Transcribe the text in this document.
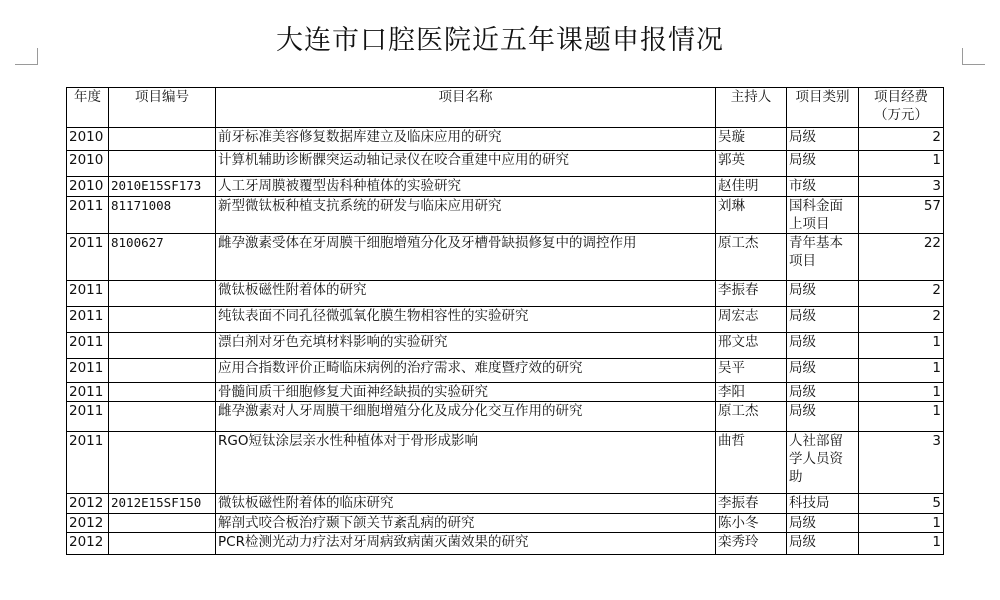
大连市口腔医院近五年课题申报情况
年度	项目编号	项目名称	主持人	项目类别	项目经费（万元）
2010		前牙标准美容修复数据库建立及临床应用的研究	吴璇	局级	2
2010		计算机辅助诊断髁突运动轴记录仪在咬合重建中应用的研究	郭英	局级	1
2010	2010E15SF173	人工牙周膜被覆型齿科种植体的实验研究	赵佳明	市级	3
2011	81171008	新型微钛板种植支抗系统的研发与临床应用研究	刘琳	国科金面上项目	57
2011	8100627	雌孕激素受体在牙周膜干细胞增殖分化及牙槽骨缺损修复中的调控作用	原工杰	青年基本项目	22
2011		微钛板磁性附着体的研究	李振春	局级	2
2011		纯钛表面不同孔径微弧氧化膜生物相容性的实验研究	周宏志	局级	2
2011		漂白剂对牙色充填材料影响的实验研究	邢文忠	局级	1
2011		应用合指数评价正畸临床病例的治疗需求、难度暨疗效的研究	吴平	局级	1
2011		骨髓间质干细胞修复犬面神经缺损的实验研究	李阳	局级	1
2011		雌孕激素对人牙周膜干细胞增殖分化及成分化交互作用的研究	原工杰	局级	1
2011		RGO短钛涂层亲水性种植体对于骨形成影响	曲哲	人社部留学人员资助	3
2012	2012E15SF150	微钛板磁性附着体的临床研究	李振春	科技局	5
2012		解剖式咬合板治疗颞下颌关节紊乱病的研究	陈小冬	局级	1
2012		PCR检测光动力疗法对牙周病致病菌灭菌效果的研究	栾秀玲	局级	1
